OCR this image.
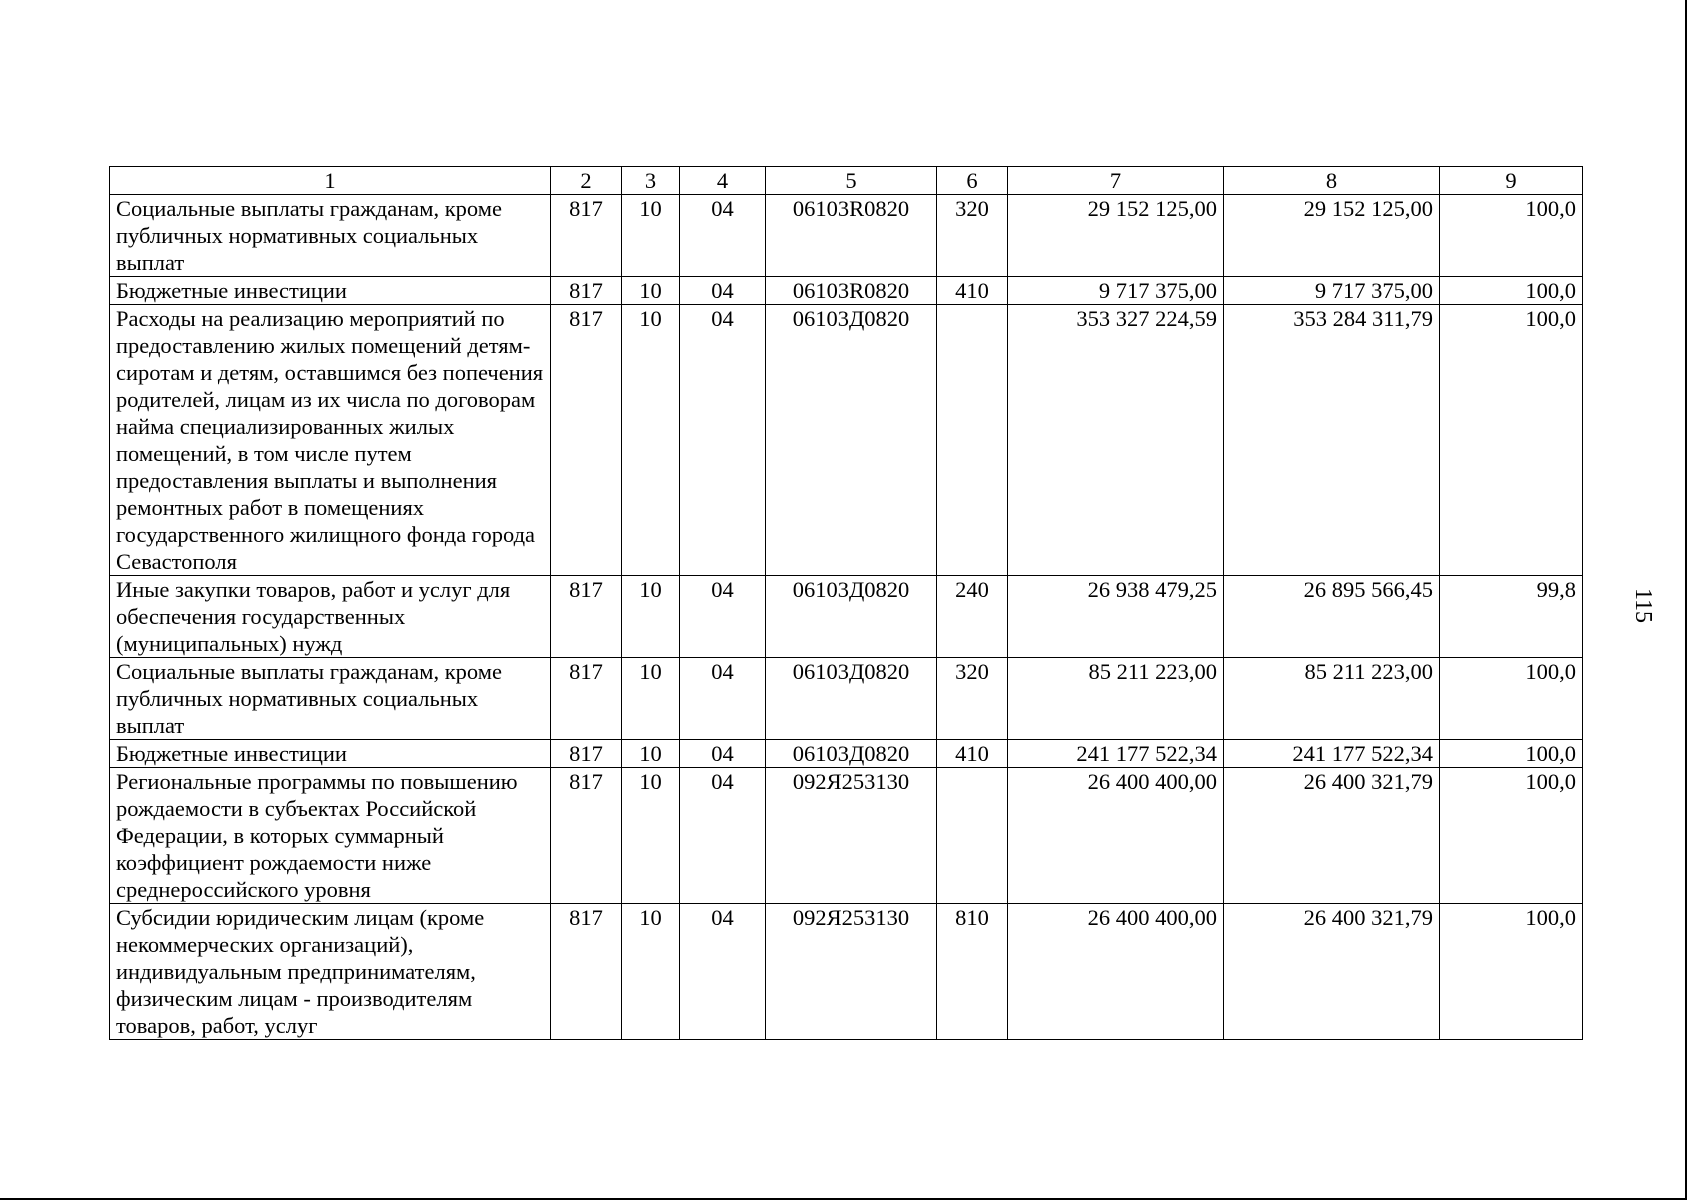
1	2	3	4	5	6	7	8	9
Социальные выплаты гражданам, кроме публичных нормативных социальных выплат	817	10	04	06103R0820	320	29 152 125,00	29 152 125,00	100,0
Бюджетные инвестиции	817	10	04	06103R0820	410	9 717 375,00	9 717 375,00	100,0
Расходы на реализацию мероприятий по предоставлению жилых помещений детям-сиротам и детям, оставшимся без попечения родителей, лицам из их числа по договорам найма специализированных жилых помещений, в том числе путем предоставления выплаты и выполнения ремонтных работ в помещениях государственного жилищного фонда города Севастополя	817	10	04	06103Д0820		353 327 224,59	353 284 311,79	100,0
Иные закупки товаров, работ и услуг для обеспечения государственных (муниципальных) нужд	817	10	04	06103Д0820	240	26 938 479,25	26 895 566,45	99,8
Социальные выплаты гражданам, кроме публичных нормативных социальных выплат	817	10	04	06103Д0820	320	85 211 223,00	85 211 223,00	100,0
Бюджетные инвестиции	817	10	04	06103Д0820	410	241 177 522,34	241 177 522,34	100,0
Региональные программы по повышению рождаемости в субъектах Российской Федерации, в которых суммарный коэффициент рождаемости ниже среднероссийского уровня	817	10	04	092Я253130		26 400 400,00	26 400 321,79	100,0
Субсидии юридическим лицам (кроме некоммерческих организаций), индивидуальным предпринимателям, физическим лицам - производителям товаров, работ, услуг	817	10	04	092Я253130	810	26 400 400,00	26 400 321,79	100,0
115
